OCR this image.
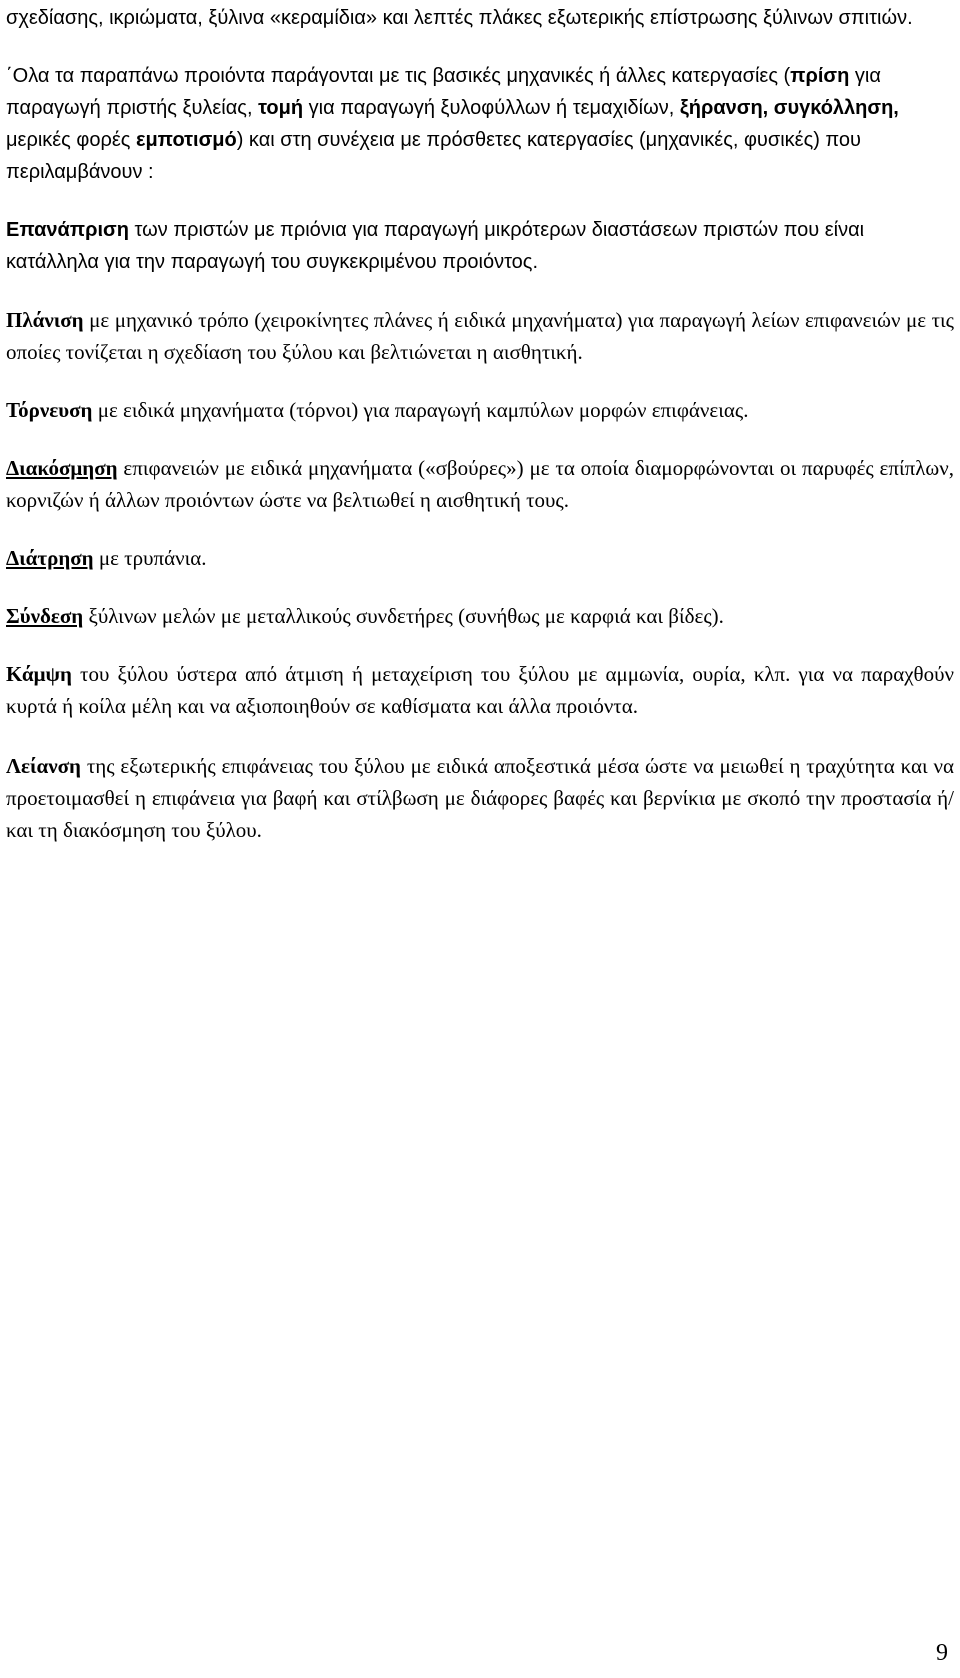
σχεδίασης, ικριώματα, ξύλινα «κεραμίδια» και λεπτές πλάκες εξωτερικής επίστρωσης ξύλινων σπιτιών.

΄Ολα τα παραπάνω προιόντα παράγονται με τις βασικές μηχανικές ή άλλες κατεργασίες (πρίση για παραγωγή πριστής ξυλείας, τομή για παραγωγή ξυλοφύλλων ή τεμαχιδίων, ξήρανση, συγκόλληση, μερικές φορές εμποτισμό) και στη συνέχεια με πρόσθετες κατεργασίες (μηχανικές, φυσικές) που περιλαμβάνουν :

Επανάπριση των πριστών με πριόνια για παραγωγή μικρότερων διαστάσεων πριστών που είναι κατάλληλα για την παραγωγή του συγκεκριμένου προιόντος.

Πλάνιση με μηχανικό τρόπο (χειροκίνητες πλάνες ή ειδικά μηχανήματα) για παραγωγή λείων επιφανειών με τις οποίες τονίζεται η σχεδίαση του ξύλου και βελτιώνεται η αισθητική.

Τόρνευση με ειδικά μηχανήματα (τόρνοι) για παραγωγή καμπύλων μορφών επιφάνειας.

Διακόσμηση επιφανειών με ειδικά μηχανήματα («σβούρες») με τα οποία διαμορφώνονται οι παρυφές επίπλων, κορνιζών ή άλλων προιόντων ώστε να βελτιωθεί η αισθητική τους.

Διάτρηση με τρυπάνια.

Σύνδεση ξύλινων μελών με μεταλλικούς συνδετήρες (συνήθως με καρφιά και βίδες).

Κάμψη του ξύλου ύστερα από άτμιση ή μεταχείριση του ξύλου με αμμωνία, ουρία, κλπ. για να παραχθούν κυρτά ή κοίλα μέλη και να αξιοποιηθούν σε καθίσματα και άλλα προιόντα.

Λείανση της εξωτερικής επιφάνειας του ξύλου με ειδικά αποξεστικά μέσα ώστε να μειωθεί η τραχύτητα και να προετοιμασθεί η επιφάνεια για βαφή και στίλβωση με διάφορες βαφές και βερνίκια με σκοπό την προστασία ή/και τη διακόσμηση του ξύλου.

9
